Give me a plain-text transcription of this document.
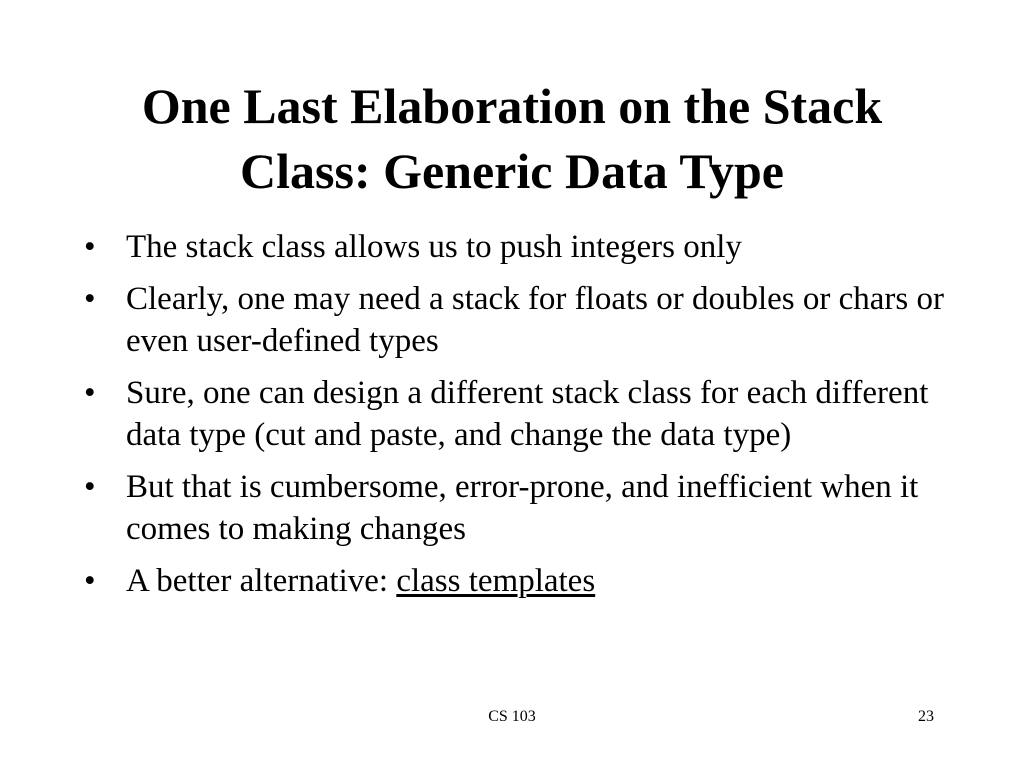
One Last Elaboration on the Stack
Class: Generic Data Type
• The stack class allows us to push integers only
• Clearly, one may need a stack for floats or doubles or chars or even user-defined types
• Sure, one can design a different stack class for each different data type (cut and paste, and change the data type)
• But that is cumbersome, error-prone, and inefficient when it comes to making changes
• A better alternative: class templates
CS 103	23
